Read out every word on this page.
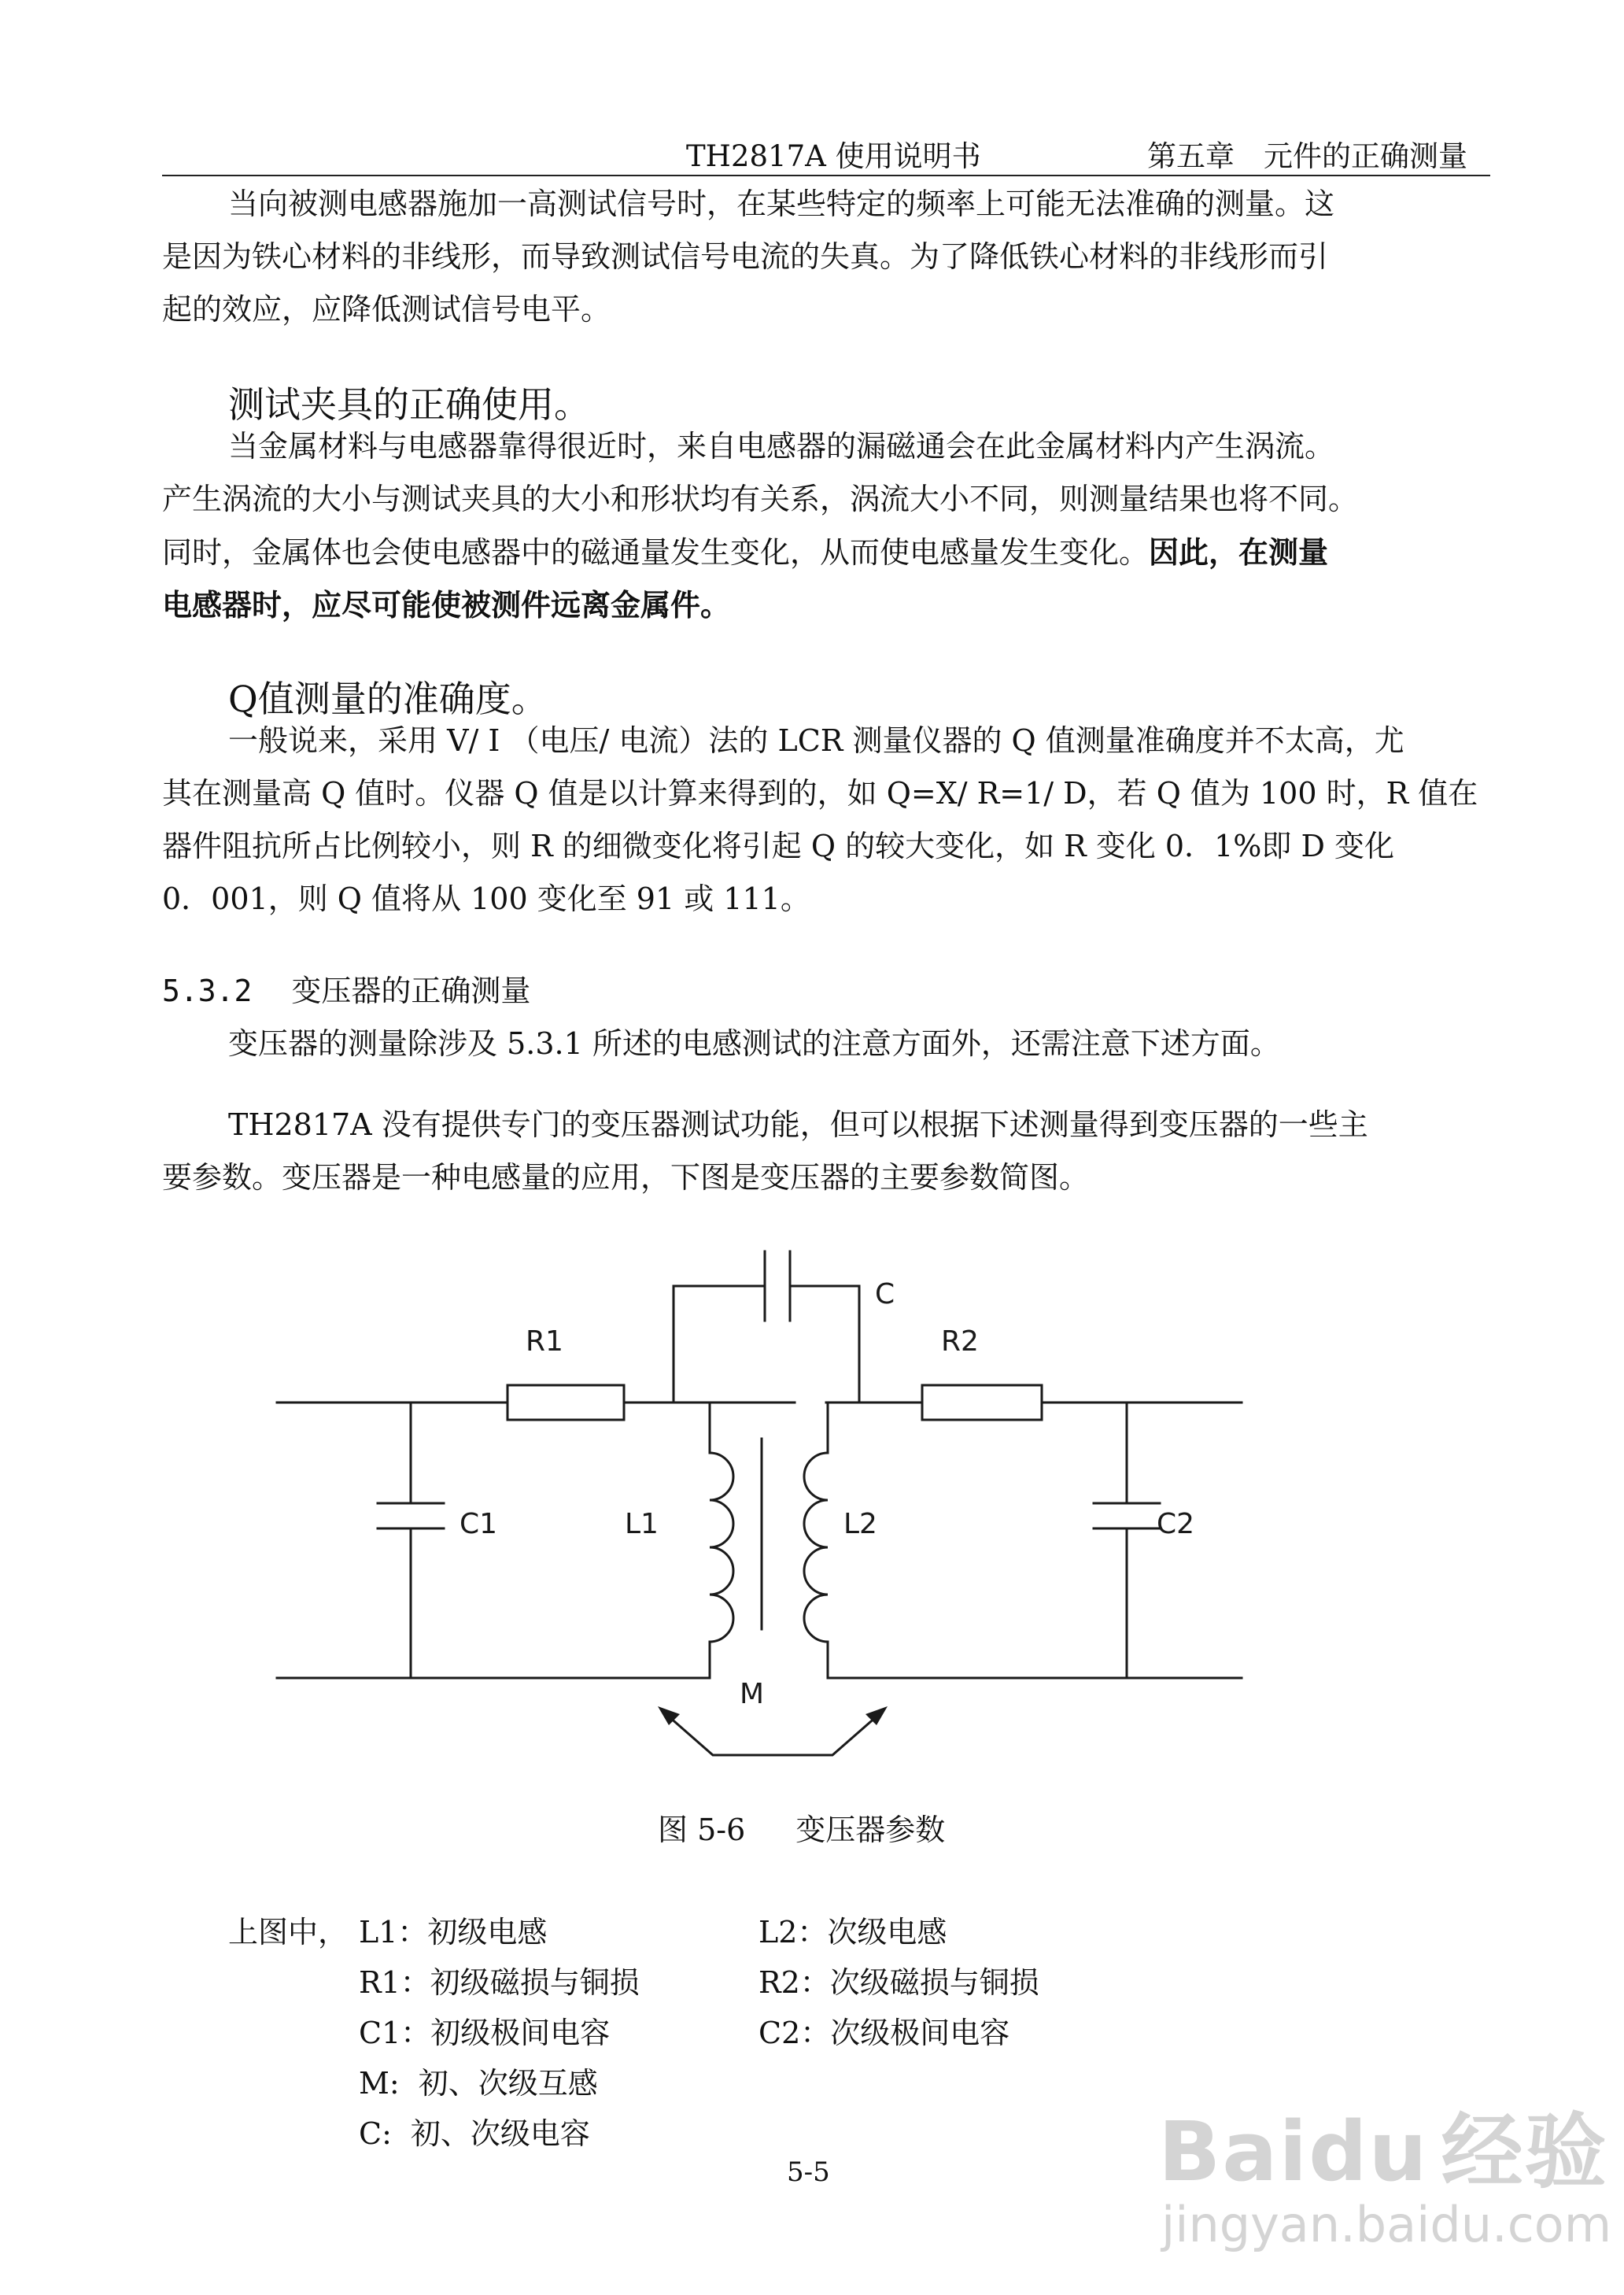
TH2817A 使用说明书	第五章　元件的正确测量
当向被测电感器施加一高测试信号时，在某些特定的频率上可能无法准确的测量。这
是因为铁心材料的非线形，而导致测试信号电流的失真。为了降低铁心材料的非线形而引
起的效应，应降低测试信号电平。
测试夹具的正确使用。
当金属材料与电感器靠得很近时，来自电感器的漏磁通会在此金属材料内产生涡流。
产生涡流的大小与测试夹具的大小和形状均有关系，涡流大小不同，则测量结果也将不同。
同时，金属体也会使电感器中的磁通量发生变化，从而使电感量发生变化。因此，在测量
电感器时，应尽可能使被测件远离金属件。
Q值测量的准确度。
一般说来，采用 V/ I （电压/ 电流）法的 LCR 测量仪器的 Q 值测量准确度并不太高，尤
其在测量高 Q 值时。仪器 Q 值是以计算来得到的，如 Q=X/ R=1/ D，若 Q 值为 100 时，R 值在
器件阻抗所占比例较小，则 R 的细微变化将引起 Q 的较大变化，如 R 变化 0．1%即 D 变化
0．001，则 Q 值将从 100 变化至 91 或 111。
5.3.2 变压器的正确测量
变压器的测量除涉及 5.3.1 所述的电感测试的注意方面外，还需注意下述方面。
TH2817A 没有提供专门的变压器测试功能，但可以根据下述测量得到变压器的一些主
要参数。变压器是一种电感量的应用，下图是变压器的主要参数简图。
C
R1	R2
C1	C2
L1	L2
M
图 5-6 变压器参数
上图中， L1：初级电感	L2：次级电感
R1：初级磁损与铜损	R2：次级磁损与铜损
C1：初级极间电容	C2：次级极间电容
M: 初、次级互感
C: 初、次级电容
5-5	Baidu 经验
jingyan.baidu.com
